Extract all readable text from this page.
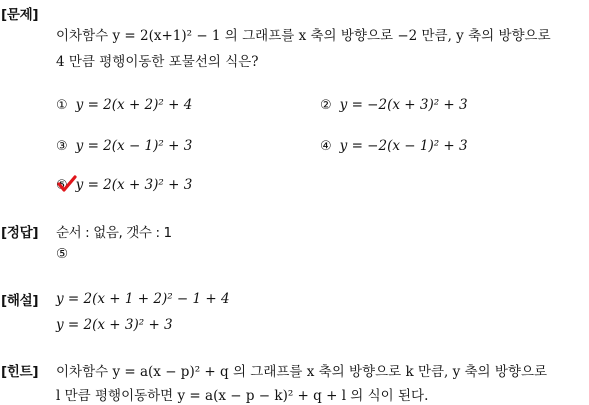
[문제]
이차함수 y = 2(x+1)² − 1 의 그래프를 x 축의 방향으로 −2 만큼, y 축의 방향으로
4 만큼 평행이동한 포물선의 식은?
① y = 2(x + 2)² + 4	② y = −2(x + 3)² + 3
③ y = 2(x − 1)² + 3	④ y = −2(x − 1)² + 3
⑤ y = 2(x + 3)² + 3
[정답] 순서 : 없음, 갯수 : 1
⑤
[해설] y = 2(x + 1 + 2)² − 1 + 4
y = 2(x + 3)² + 3
[힌트] 이차함수 y = a(x − p)² + q 의 그래프를 x 축의 방향으로 k 만큼, y 축의 방향으로
l 만큼 평행이동하면 y = a(x − p − k)² + q + l 의 식이 된다.
